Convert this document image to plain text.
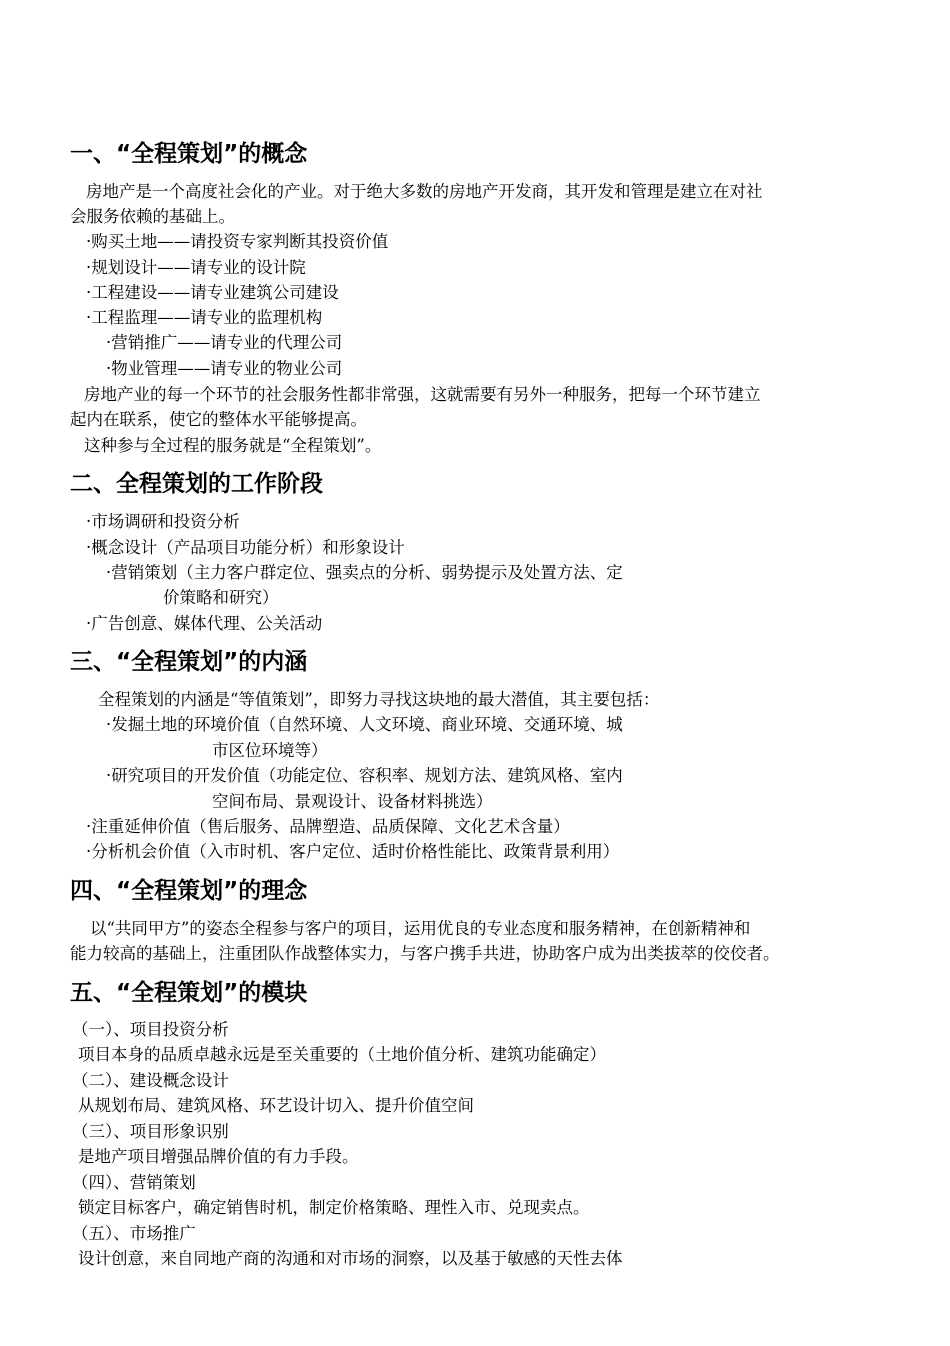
一、“全程策划”的概念
房地产是一个高度社会化的产业。对于绝大多数的房地产开发商，其开发和管理是建立在对社
会服务依赖的基础上。
·购买土地——请投资专家判断其投资价值
·规划设计——请专业的设计院
·工程建设——请专业建筑公司建设
·工程监理——请专业的监理机构
·营销推广——请专业的代理公司
·物业管理——请专业的物业公司
房地产业的每一个环节的社会服务性都非常强，这就需要有另外一种服务，把每一个环节建立
起内在联系，使它的整体水平能够提高。
这种参与全过程的服务就是“全程策划”。
二、全程策划的工作阶段
·市场调研和投资分析
·概念设计（产品项目功能分析）和形象设计
·营销策划（主力客户群定位、强卖点的分析、弱势提示及处置方法、定
价策略和研究）
·广告创意、媒体代理、公关活动
三、“全程策划”的内涵
全程策划的内涵是“等值策划”，即努力寻找这块地的最大潜值，其主要包括：
·发掘土地的环境价值（自然环境、人文环境、商业环境、交通环境、城
市区位环境等）
·研究项目的开发价值（功能定位、容积率、规划方法、建筑风格、室内
空间布局、景观设计、设备材料挑选）
·注重延伸价值（售后服务、品牌塑造、品质保障、文化艺术含量）
·分析机会价值（入市时机、客户定位、适时价格性能比、政策背景利用）
四、“全程策划”的理念
以“共同甲方”的姿态全程参与客户的项目，运用优良的专业态度和服务精神，在创新精神和
能力较高的基础上，注重团队作战整体实力，与客户携手共进，协助客户成为出类拔萃的佼佼者。
五、“全程策划”的模块
（一）、项目投资分析
项目本身的品质卓越永远是至关重要的（土地价值分析、建筑功能确定）
（二）、建设概念设计
从规划布局、建筑风格、环艺设计切入、提升价值空间
（三）、项目形象识别
是地产项目增强品牌价值的有力手段。
（四）、营销策划
锁定目标客户，确定销售时机，制定价格策略、理性入市、兑现卖点。
（五）、市场推广
设计创意，来自同地产商的沟通和对市场的洞察，以及基于敏感的天性去体
